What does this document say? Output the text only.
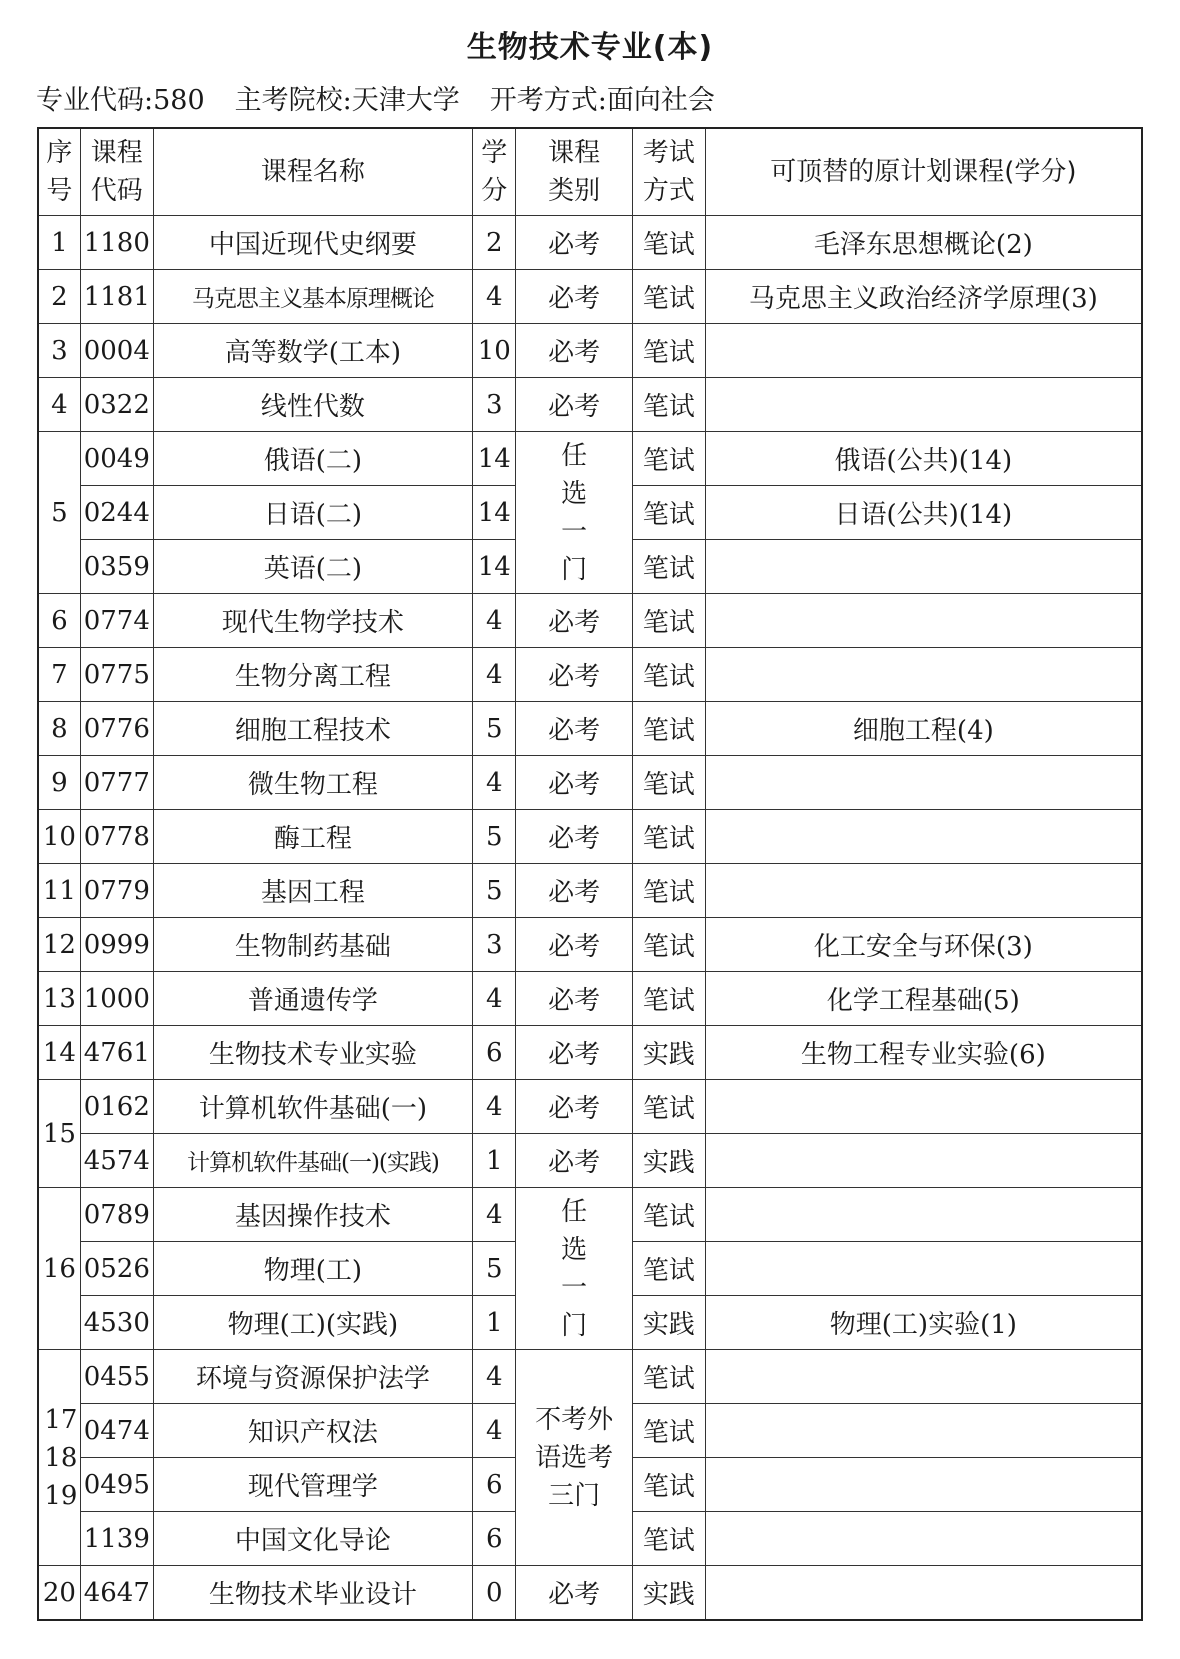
生物技术专业(本)
专业代码:580 主考院校:天津大学 开考方式:面向社会
序号	课程代码	课程名称	学分	课程类别	考试方式	可顶替的原计划课程(学分)
1	1180	中国近现代史纲要	2	必考	笔试	毛泽东思想概论(2)
2	1181	马克思主义基本原理概论	4	必考	笔试	马克思主义政治经济学原理(3)
3	0004	高等数学(工本)	10	必考	笔试	
4	0322	线性代数	3	必考	笔试	
5	0049	俄语(二)	14	任选一门	笔试	俄语(公共)(14)
	0244	日语(二)	14		笔试	日语(公共)(14)
	0359	英语(二)	14		笔试	
6	0774	现代生物学技术	4	必考	笔试	
7	0775	生物分离工程	4	必考	笔试	
8	0776	细胞工程技术	5	必考	笔试	细胞工程(4)
9	0777	微生物工程	4	必考	笔试	
10	0778	酶工程	5	必考	笔试	
11	0779	基因工程	5	必考	笔试	
12	0999	生物制药基础	3	必考	笔试	化工安全与环保(3)
13	1000	普通遗传学	4	必考	笔试	化学工程基础(5)
14	4761	生物技术专业实验	6	必考	实践	生物工程专业实验(6)
15	0162	计算机软件基础(一)	4	必考	笔试	
	4574	计算机软件基础(一)(实践)	1	必考	实践	
16	0789	基因操作技术	4	任选一门	笔试	
	0526	物理(工)	5		笔试	
	4530	物理(工)(实践)	1		实践	物理(工)实验(1)
17 18 19	0455	环境与资源保护法学	4	不考外语选考三门	笔试	
	0474	知识产权法	4		笔试	
	0495	现代管理学	6		笔试	
	1139	中国文化导论	6		笔试	
20	4647	生物技术毕业设计	0	必考	实践	
